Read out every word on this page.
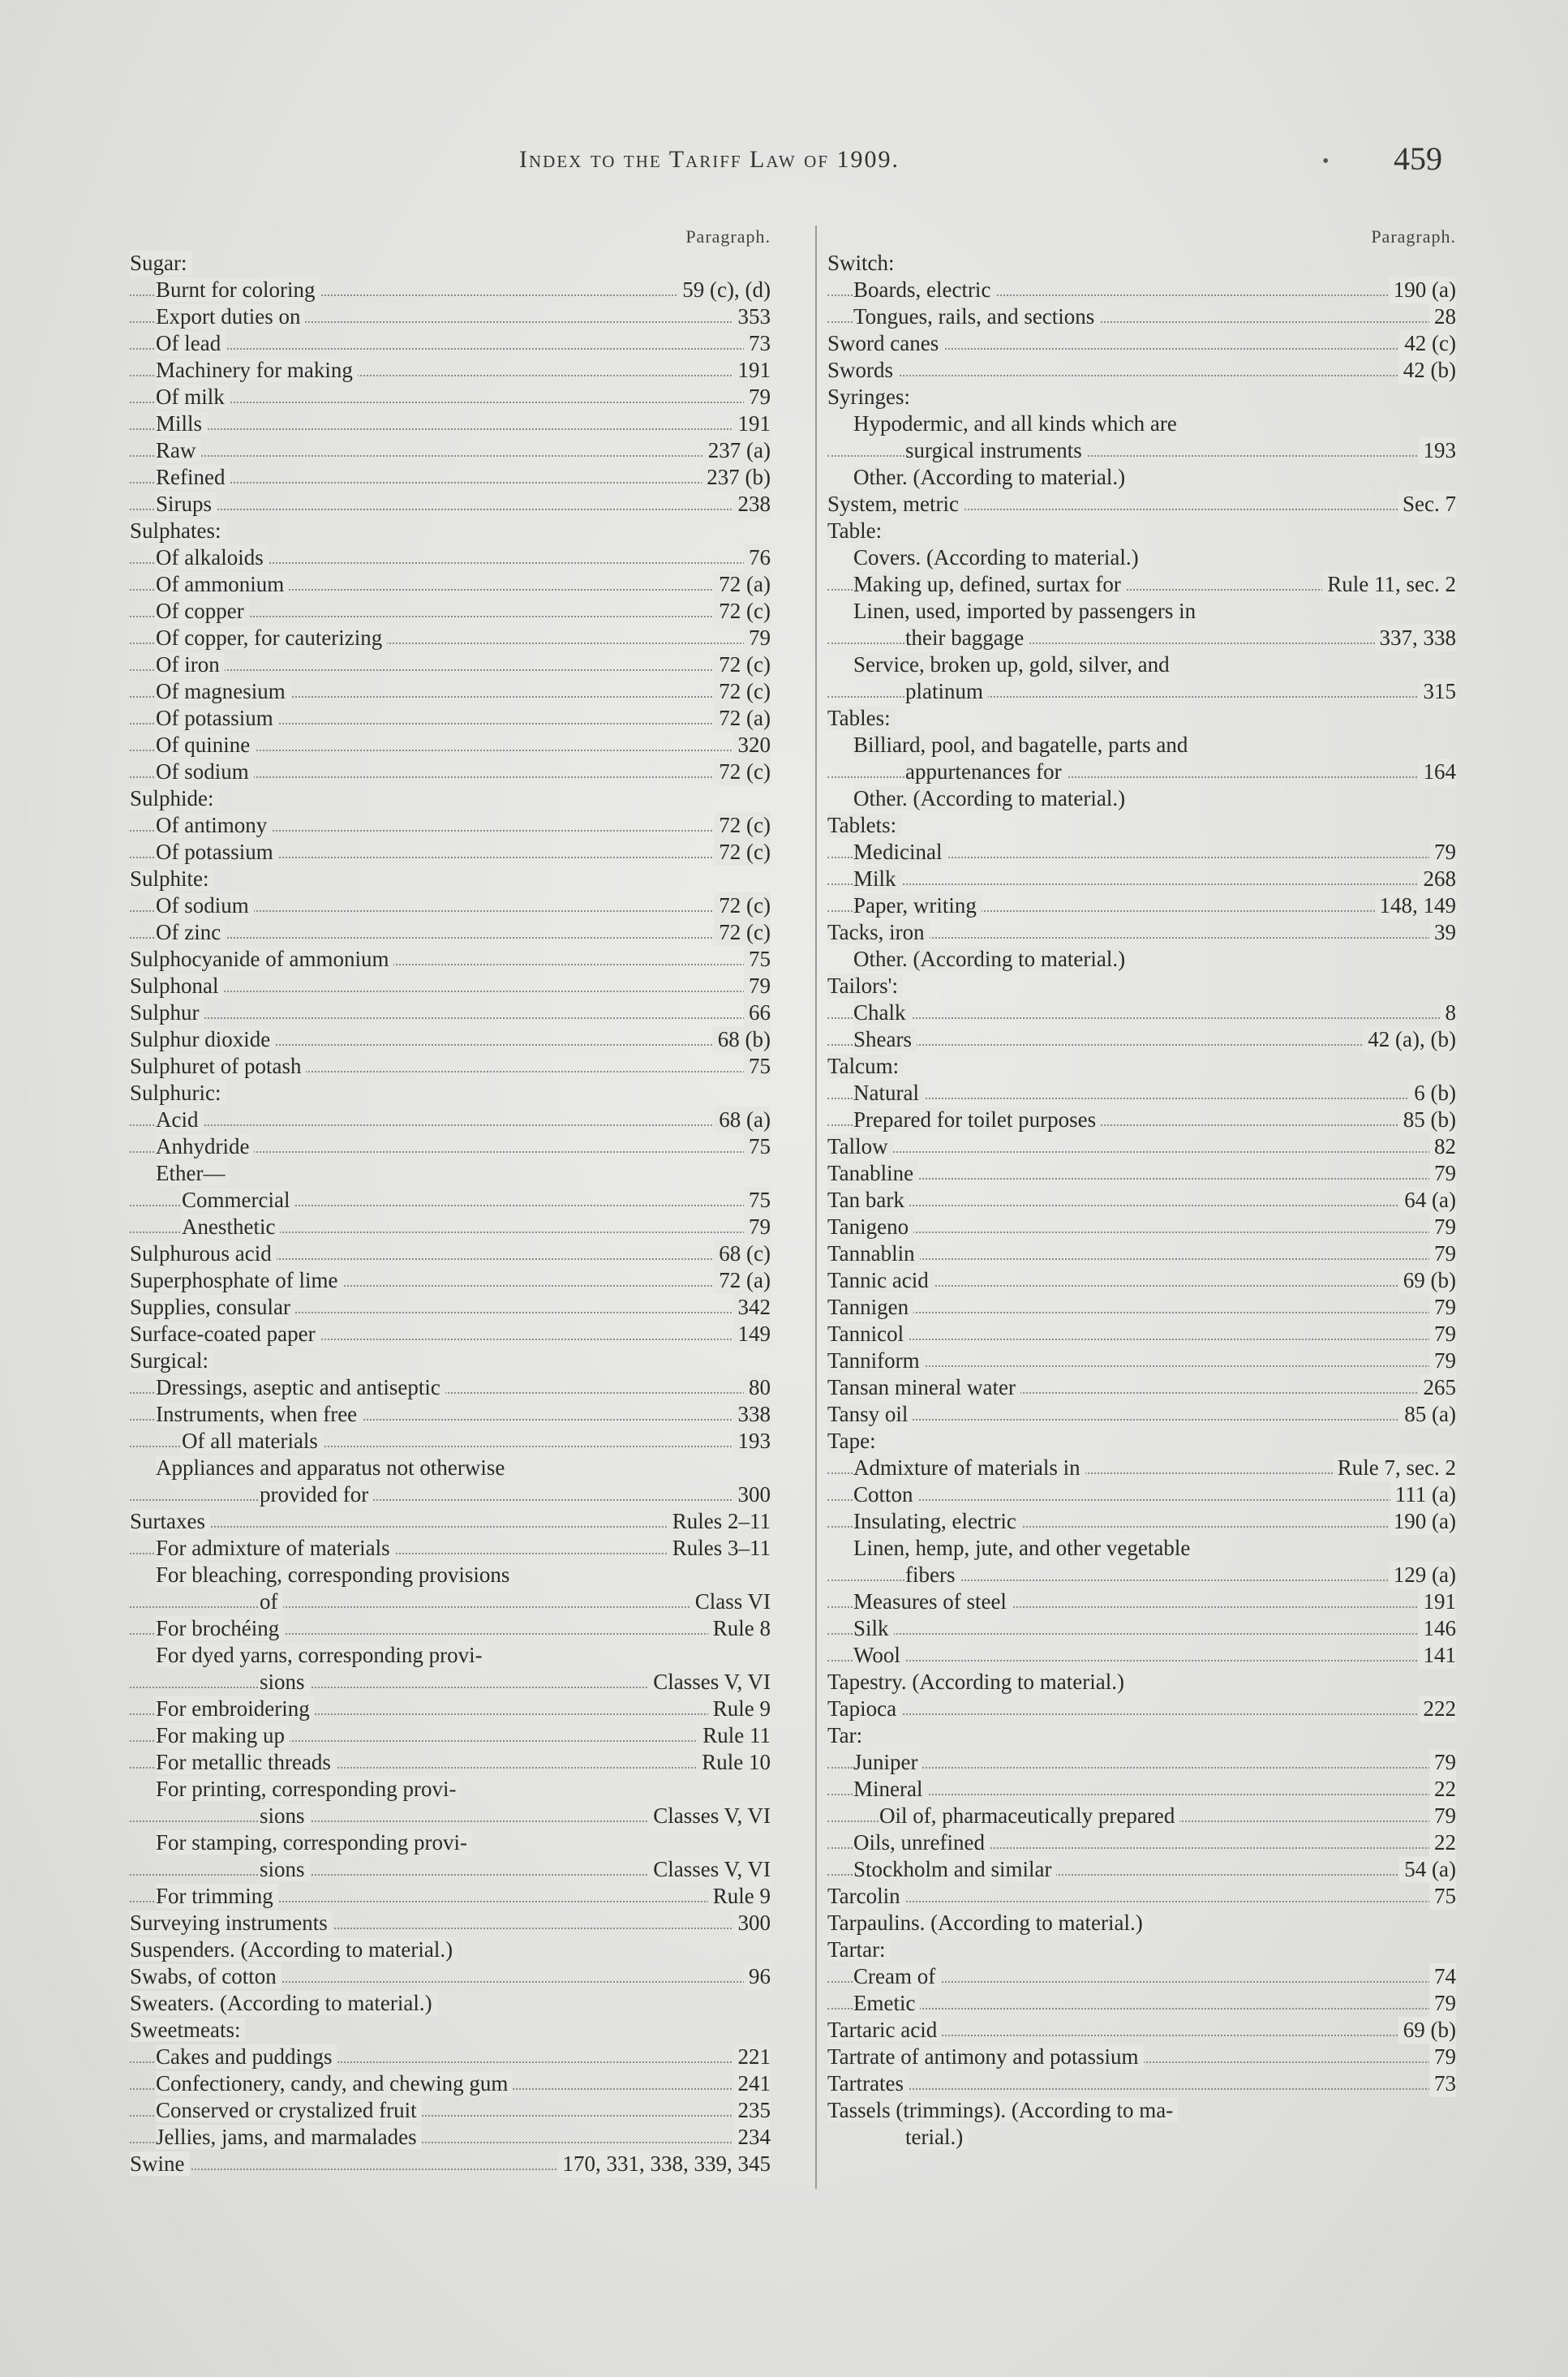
Index to the Tariff Law of 1909.	• 459
Paragraph.
Sugar:
Burnt for coloring	59 (c), (d)
Export duties on	353
Of lead	73
Machinery for making	191
Of milk	79
Mills	191
Raw	237 (a)
Refined	237 (b)
Sirups	238
Sulphates:
Of alkaloids	76
Of ammonium	72 (a)
Of copper	72 (c)
Of copper, for cauterizing	79
Of iron	72 (c)
Of magnesium	72 (c)
Of potassium	72 (a)
Of quinine	320
Of sodium	72 (c)
Sulphide:
Of antimony	72 (c)
Of potassium	72 (c)
Sulphite:
Of sodium	72 (c)
Of zinc	72 (c)
Sulphocyanide of ammonium	75
Sulphonal	79
Sulphur	66
Sulphur dioxide	68 (b)
Sulphuret of potash	75
Sulphuric:
Acid	68 (a)
Anhydride	75
Ether—
Commercial	75
Anesthetic	79
Sulphurous acid	68 (c)
Superphosphate of lime	72 (a)
Supplies, consular	342
Surface-coated paper	149
Surgical:
Dressings, aseptic and antiseptic	80
Instruments, when free	338
Of all materials	193
Appliances and apparatus not otherwise
provided for	300
Surtaxes	Rules 2–11
For admixture of materials	Rules 3–11
For bleaching, corresponding provisions
of	Class VI
For brochéing	Rule 8
For dyed yarns, corresponding provi-
sions	Classes V, VI
For embroidering	Rule 9
For making up	Rule 11
For metallic threads	Rule 10
For printing, corresponding provi-
sions	Classes V, VI
For stamping, corresponding provi-
sions	Classes V, VI
For trimming	Rule 9
Surveying instruments	300
Suspenders. (According to material.)
Swabs, of cotton	96
Sweaters. (According to material.)
Sweetmeats:
Cakes and puddings	221
Confectionery, candy, and chewing gum	241
Conserved or crystalized fruit	235
Jellies, jams, and marmalades	234
Swine	170, 331, 338, 339, 345
Paragraph.
Switch:
Boards, electric	190 (a)
Tongues, rails, and sections	28
Sword canes	42 (c)
Swords	42 (b)
Syringes:
Hypodermic, and all kinds which are
surgical instruments	193
Other. (According to material.)
System, metric	Sec. 7
Table:
Covers. (According to material.)
Making up, defined, surtax for	Rule 11, sec. 2
Linen, used, imported by passengers in
their baggage	337, 338
Service, broken up, gold, silver, and
platinum	315
Tables:
Billiard, pool, and bagatelle, parts and
appurtenances for	164
Other. (According to material.)
Tablets:
Medicinal	79
Milk	268
Paper, writing	148, 149
Tacks, iron	39
Other. (According to material.)
Tailors':
Chalk	8
Shears	42 (a), (b)
Talcum:
Natural	6 (b)
Prepared for toilet purposes	85 (b)
Tallow	82
Tanabline	79
Tan bark	64 (a)
Tanigeno	79
Tannablin	79
Tannic acid	69 (b)
Tannigen	79
Tannicol	79
Tanniform	79
Tansan mineral water	265
Tansy oil	85 (a)
Tape:
Admixture of materials in	Rule 7, sec. 2
Cotton	111 (a)
Insulating, electric	190 (a)
Linen, hemp, jute, and other vegetable
fibers	129 (a)
Measures of steel	191
Silk	146
Wool	141
Tapestry. (According to material.)
Tapioca	222
Tar:
Juniper	79
Mineral	22
Oil of, pharmaceutically prepared	79
Oils, unrefined	22
Stockholm and similar	54 (a)
Tarcolin	75
Tarpaulins. (According to material.)
Tartar:
Cream of	74
Emetic	79
Tartaric acid	69 (b)
Tartrate of antimony and potassium	79
Tartrates	73
Tassels (trimmings). (According to ma-
terial.)
